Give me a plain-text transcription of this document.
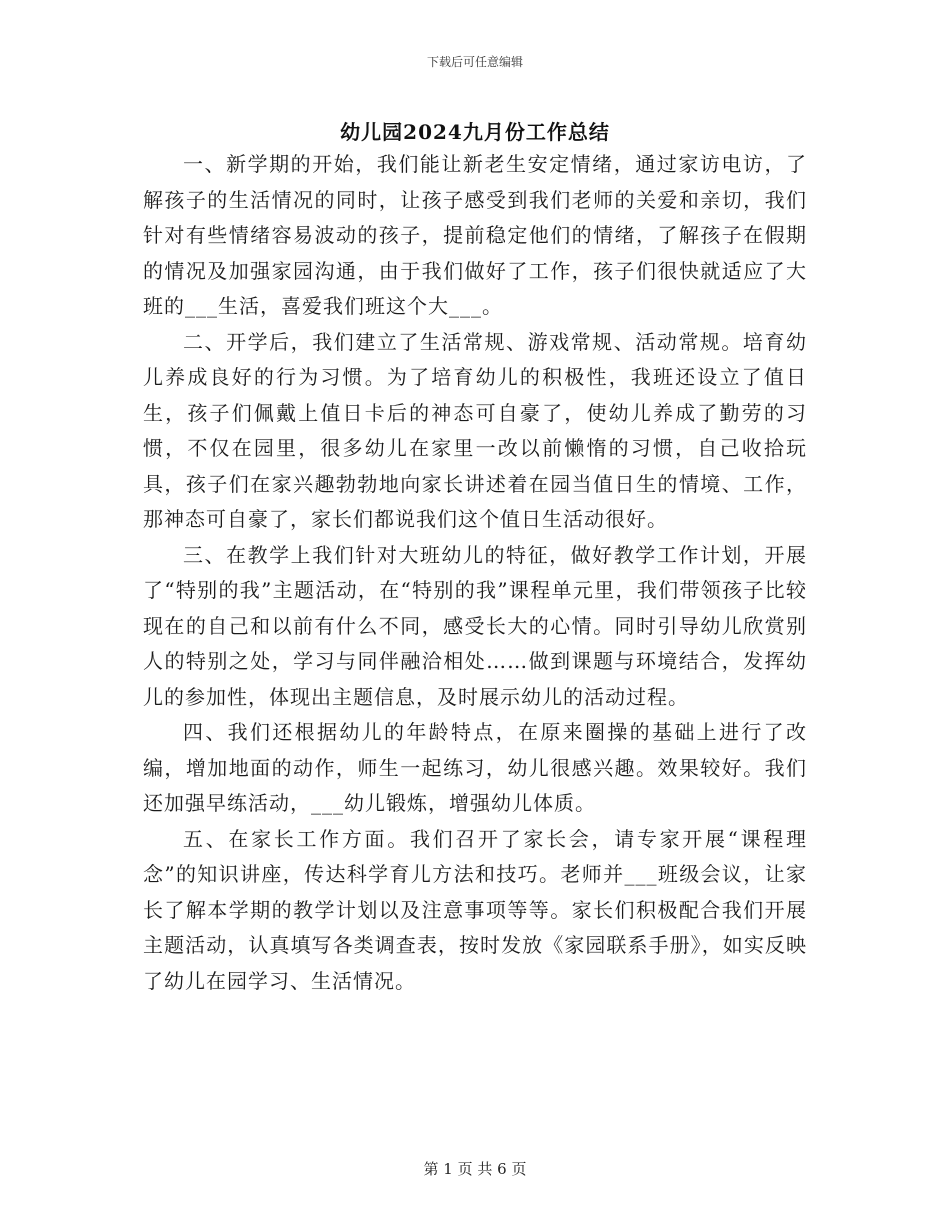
下载后可任意编辑
幼儿园2024九月份工作总结

一、新学期的开始，我们能让新老生安定情绪，通过家访电访，了解孩子的生活情况的同时，让孩子感受到我们老师的关爱和亲切，我们针对有些情绪容易波动的孩子，提前稳定他们的情绪，了解孩子在假期的情况及加强家园沟通，由于我们做好了工作，孩子们很快就适应了大班的___生活，喜爱我们班这个大___。

二、开学后，我们建立了生活常规、游戏常规、活动常规。培育幼儿养成良好的行为习惯。为了培育幼儿的积极性，我班还设立了值日生，孩子们佩戴上值日卡后的神态可自豪了，使幼儿养成了勤劳的习惯，不仅在园里，很多幼儿在家里一改以前懒惰的习惯，自己收拾玩具，孩子们在家兴趣勃勃地向家长讲述着在园当值日生的情境、工作，那神态可自豪了，家长们都说我们这个值日生活动很好。

三、在教学上我们针对大班幼儿的特征，做好教学工作计划，开展了“特别的我”主题活动，在“特别的我”课程单元里，我们带领孩子比较现在的自己和以前有什么不同，感受长大的心情。同时引导幼儿欣赏别人的特别之处，学习与同伴融洽相处……做到课题与环境结合，发挥幼儿的参加性，体现出主题信息，及时展示幼儿的活动过程。

四、我们还根据幼儿的年龄特点，在原来圈操的基础上进行了改编，增加地面的动作，师生一起练习，幼儿很感兴趣。效果较好。我们还加强早练活动，___幼儿锻炼，增强幼儿体质。

五、在家长工作方面。我们召开了家长会，请专家开展“课程理念”的知识讲座，传达科学育儿方法和技巧。老师并___班级会议，让家长了解本学期的教学计划以及注意事项等等。家长们积极配合我们开展主题活动，认真填写各类调查表，按时发放《家园联系手册》，如实反映了幼儿在园学习、生活情况。

第 1 页 共 6 页
